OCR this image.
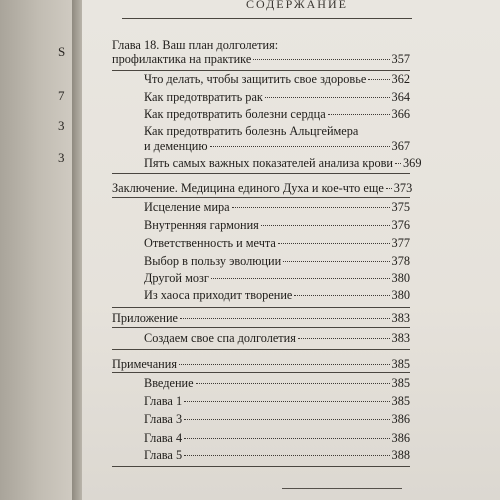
S
7
3
3
СОДЕРЖАНИЕ
Глава 18. Ваш план долголетия:
профилактика на практике	357
Что делать, чтобы защитить свое здоровье 362
Как предотвратить рак	364
Как предотвратить болезни сердца	366
Как предотвратить болезнь Альцгеймера
и деменцию	367
Пять самых важных показателей анализа крови 369
Заключение. Медицина единого Духа и кое-что еще 373
Исцеление мира	375
Внутренняя гармония	376
Ответственность и мечта	377
Выбор в пользу эволюции	378
Другой мозг	380
Из хаоса приходит творение	380
Приложение	383
Создаем свое спа долголетия	383
Примечания	385
Введение	385
Глава 1	385
Глава 3	386
Глава 4	386
Глава 5	388
